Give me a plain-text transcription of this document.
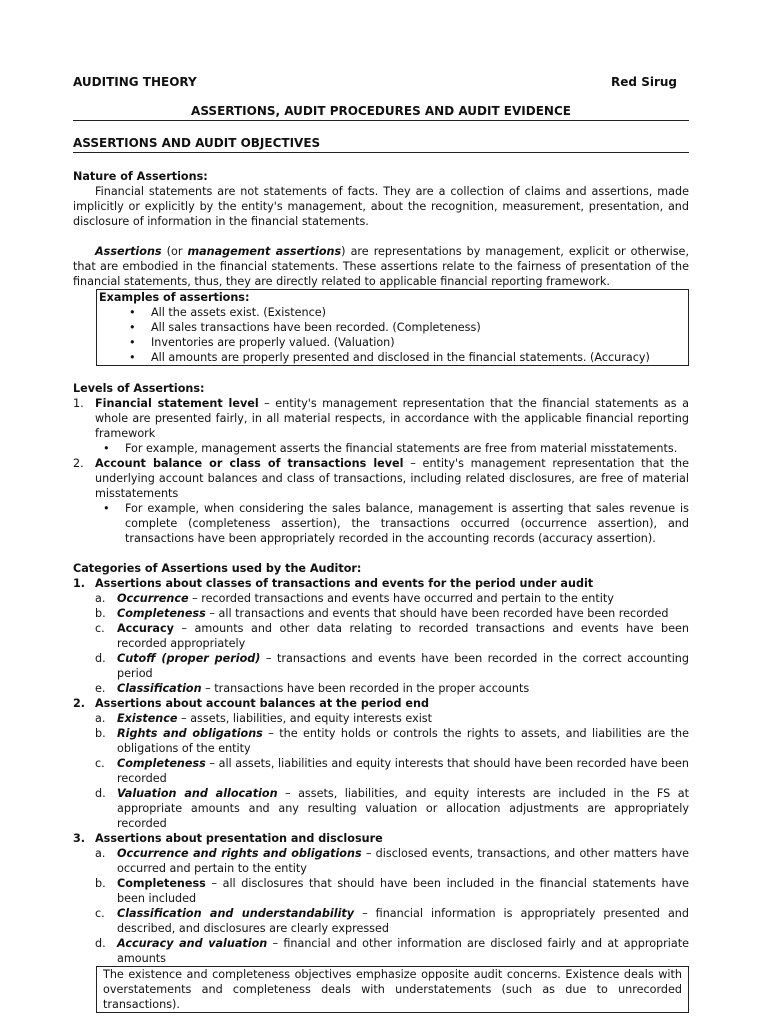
AUDITING THEORY	Red Sirug
ASSERTIONS, AUDIT PROCEDURES AND AUDIT EVIDENCE
ASSERTIONS AND AUDIT OBJECTIVES
Nature of Assertions:

Financial statements are not statements of facts. They are a collection of claims and assertions, made implicitly or explicitly by the entity's management, about the recognition, measurement, presentation, and disclosure of information in the financial statements.

Assertions (or management assertions) are representations by management, explicit or otherwise, that are embodied in the financial statements. These assertions relate to the fairness of presentation of the financial statements, thus, they are directly related to applicable financial reporting framework.

Examples of assertions:
• All the assets exist. (Existence)
• All sales transactions have been recorded. (Completeness)
• Inventories are properly valued. (Valuation)
• All amounts are properly presented and disclosed in the financial statements. (Accuracy)
Levels of Assertions:
1. Financial statement level – entity's management representation that the financial statements as a whole are presented fairly, in all material respects, in accordance with the applicable financial reporting framework
• For example, management asserts the financial statements are free from material misstatements.
2. Account balance or class of transactions level – entity's management representation that the underlying account balances and class of transactions, including related disclosures, are free of material misstatements
• For example, when considering the sales balance, management is asserting that sales revenue is complete (completeness assertion), the transactions occurred (occurrence assertion), and transactions have been appropriately recorded in the accounting records (accuracy assertion).
Categories of Assertions used by the Auditor:
1. Assertions about classes of transactions and events for the period under audit
a. Occurrence – recorded transactions and events have occurred and pertain to the entity
b. Completeness – all transactions and events that should have been recorded have been recorded
c. Accuracy – amounts and other data relating to recorded transactions and events have been recorded appropriately
d. Cutoff (proper period) – transactions and events have been recorded in the correct accounting period
e. Classification – transactions have been recorded in the proper accounts
2. Assertions about account balances at the period end
a. Existence – assets, liabilities, and equity interests exist
b. Rights and obligations – the entity holds or controls the rights to assets, and liabilities are the obligations of the entity
c. Completeness – all assets, liabilities and equity interests that should have been recorded have been recorded
d. Valuation and allocation – assets, liabilities, and equity interests are included in the FS at appropriate amounts and any resulting valuation or allocation adjustments are appropriately recorded
3. Assertions about presentation and disclosure
a. Occurrence and rights and obligations – disclosed events, transactions, and other matters have occurred and pertain to the entity
b. Completeness – all disclosures that should have been included in the financial statements have been included
c. Classification and understandability – financial information is appropriately presented and described, and disclosures are clearly expressed
d. Accuracy and valuation – financial and other information are disclosed fairly and at appropriate amounts
The existence and completeness objectives emphasize opposite audit concerns. Existence deals with overstatements and completeness deals with understatements (such as due to unrecorded transactions).
